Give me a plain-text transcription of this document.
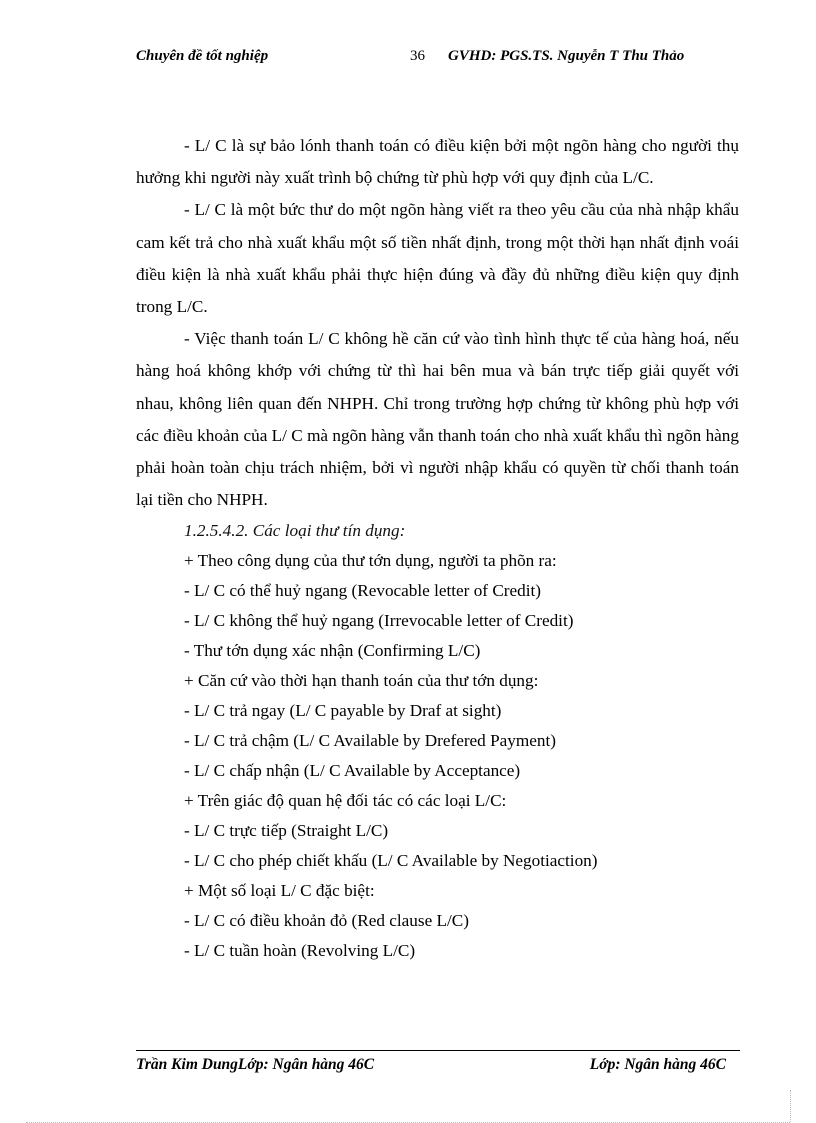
Chuyên đề tốt nghiệp	36 GVHD: PGS.TS. Nguyễn T Thu Thảo

- L/ C là sự bảo lónh thanh toán có điều kiện bởi một ngõn hàng cho người thụ hưởng khi người này xuất trình bộ chứng từ phù hợp với quy định của L/C.

- L/ C là một bức thư do một ngõn hàng viết ra theo yêu cầu của nhà nhập khẩu cam kết trả cho nhà xuất khẩu một số tiền nhất định, trong một thời hạn nhất định voái điều kiện là nhà xuất khẩu phải thực hiện đúng và đầy đủ những điều kiện quy định trong L/C.

- Việc thanh toán L/ C không hề căn cứ vào tình hình thực tế của hàng hoá, nếu hàng hoá không khớp với chứng từ thì hai bên mua và bán trực tiếp giải quyết với nhau, không liên quan đến NHPH. Chỉ trong trường hợp chứng từ không phù hợp với các điều khoản của L/ C mà ngõn hàng vẫn thanh toán cho nhà xuất khẩu thì ngõn hàng phải hoàn toàn chịu trách nhiệm, bởi vì người nhập khẩu có quyền từ chối thanh toán lại tiền cho NHPH.

1.2.5.4.2. Các loại thư tín dụng:

+ Theo công dụng của thư tớn dụng, người ta phõn ra:

- L/ C có thể huỷ ngang (Revocable letter of Credit)

- L/ C không thể huỷ ngang (Irrevocable letter of Credit)

- Thư tớn dụng xác nhận (Confirming L/C)

+ Căn cứ vào thời hạn thanh toán của thư tớn dụng:

- L/ C trả ngay (L/ C payable by Draf at sight)

- L/ C trả chậm (L/ C Available by Drefered Payment)

- L/ C chấp nhận (L/ C Available by Acceptance)

+ Trên giác độ quan hệ đối tác có các loại L/C:

- L/ C trực tiếp (Straight L/C)

- L/ C cho phép chiết khấu (L/ C Available by Negotiaction)

+ Một số loại L/ C đặc biệt:

- L/ C có điều khoản đỏ (Red clause L/C)

- L/ C tuần hoàn (Revolving L/C)

Trần Kim DungLớp: Ngân hàng 46C	Lớp: Ngân hàng 46C
